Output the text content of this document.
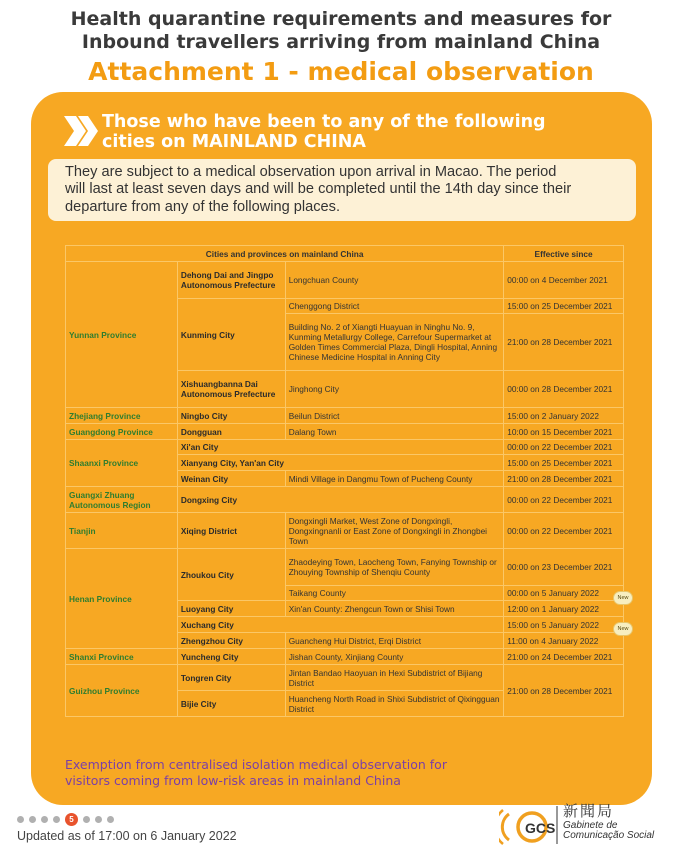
Health quarantine requirements and measures for
Inbound travellers arriving from mainland China
Attachment 1 - medical observation
Those who have been to any of the following
cities on MAINLAND CHINA
They are subject to a medical observation upon arrival in Macao. The period
will last at least seven days and will be completed until the 14th day since their
departure from any of the following places.
Cities and provinces on mainland China			Effective since
Yunnan Province	Dehong Dai and Jingpo Autonomous Prefecture	Longchuan County	00:00 on 4 December 2021
	Kunming City	Chenggong District	15:00 on 25 December 2021
		Building No. 2 of Xiangti Huayuan in Ninghu No. 9, Kunming Metallurgy College, Carrefour Supermarket at Golden Times Commercial Plaza, Dingli Hospital, Anning Chinese Medicine Hospital in Anning City	21:00 on 28 December 2021
	Xishuangbanna Dai Autonomous Prefecture	Jinghong City	00:00 on 28 December 2021
Zhejiang Province	Ningbo City	Beilun District	15:00 on 2 January 2022
Guangdong Province	Dongguan	Dalang Town	10:00 on 15 December 2021
Shaanxi Province	Xi'an City		00:00 on 22 December 2021
	Xianyang City, Yan'an City		15:00 on 25 December 2021
	Weinan City	Mindi Village in Dangmu Town of Pucheng County	21:00 on 28 December 2021
Guangxi Zhuang Autonomous Region	Dongxing City		00:00 on 22 December 2021
Tianjin	Xiqing District	Dongxingli Market, West Zone of Dongxingli, Dongxingnanli or East Zone of Dongxingli in Zhongbei Town	00:00 on 22 December 2021
Henan Province	Zhoukou City	Zhaodeying Town, Laocheng Town, Fanying Township or Zhouying Township of Shenqiu County	00:00 on 23 December 2021
		Taikang County	00:00 on 5 January 2022
	Luoyang City	Xin'an County: Zhengcun Town or Shisi Town	12:00 on 1 January 2022
	Xuchang City		15:00 on 5 January 2022
	Zhengzhou City	Guancheng Hui District, Erqi District	11:00 on 4 January 2022
Shanxi Province	Yuncheng City	Jishan County, Xinjiang County	21:00 on 24 December 2021
Guizhou Province	Tongren City	Jintan Bandao Haoyuan in Hexi Subdistrict of Bijiang District	21:00 on 28 December 2021
	Bijie City	Huancheng North Road in Shixi Subdistrict of Qixingguan District	
New
New
Exemption from centralised isolation medical observation for
visitors coming from low-risk areas in mainland China
5
Updated as of 17:00 on 6 January 2022	GCS
新聞局
Gabinete de
Comunicação Social
